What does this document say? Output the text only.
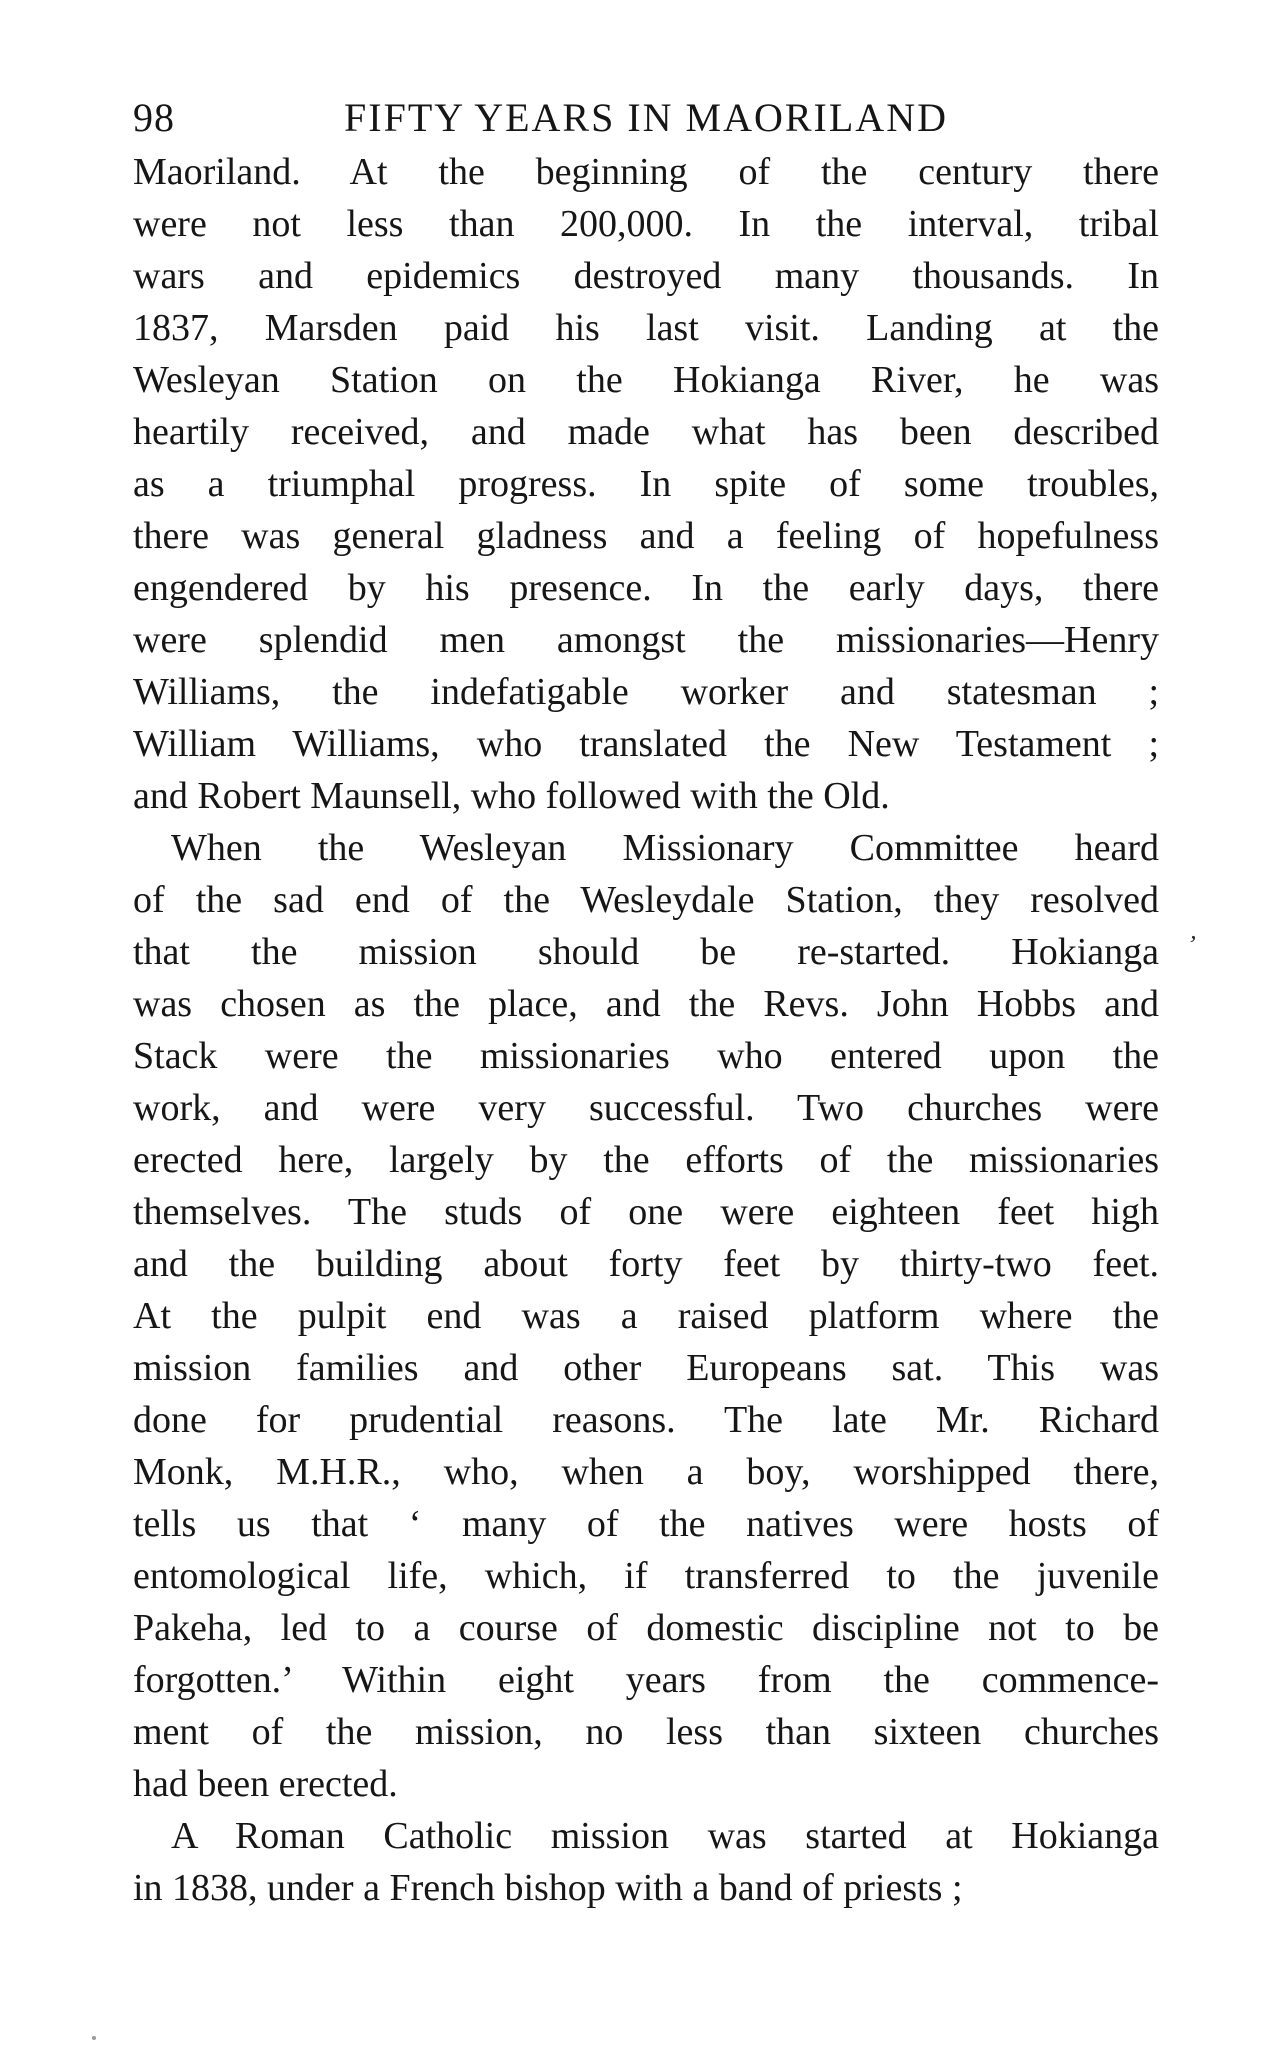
98	FIFTY YEARS IN MAORILAND
Maoriland. At the beginning of the century there
were not less than 200,000. In the interval, tribal
wars and epidemics destroyed many thousands. In
1837, Marsden paid his last visit. Landing at the
Wesleyan Station on the Hokianga River, he was
heartily received, and made what has been described
as a triumphal progress. In spite of some troubles,
there was general gladness and a feeling of hopefulness
engendered by his presence. In the early days, there
were splendid men amongst the missionaries—Henry
Williams, the indefatigable worker and statesman ;
William Williams, who translated the New Testament ;
and Robert Maunsell, who followed with the Old.
When the Wesleyan Missionary Committee heard
of the sad end of the Wesleydale Station, they resolved
that the mission should be re-started. Hokianga
was chosen as the place, and the Revs. John Hobbs and
Stack were the missionaries who entered upon the
work, and were very successful. Two churches were
erected here, largely by the efforts of the missionaries
themselves. The studs of one were eighteen feet high
and the building about forty feet by thirty-two feet.
At the pulpit end was a raised platform where the
mission families and other Europeans sat. This was
done for prudential reasons. The late Mr. Richard
Monk, M.H.R., who, when a boy, worshipped there,
tells us that ‘ many of the natives were hosts of
entomological life, which, if transferred to the juvenile
Pakeha, led to a course of domestic discipline not to be
forgotten.’ Within eight years from the commence-
ment of the mission, no less than sixteen churches
had been erected.
A Roman Catholic mission was started at Hokianga
in 1838, under a French bishop with a band of priests ;
ʼ
